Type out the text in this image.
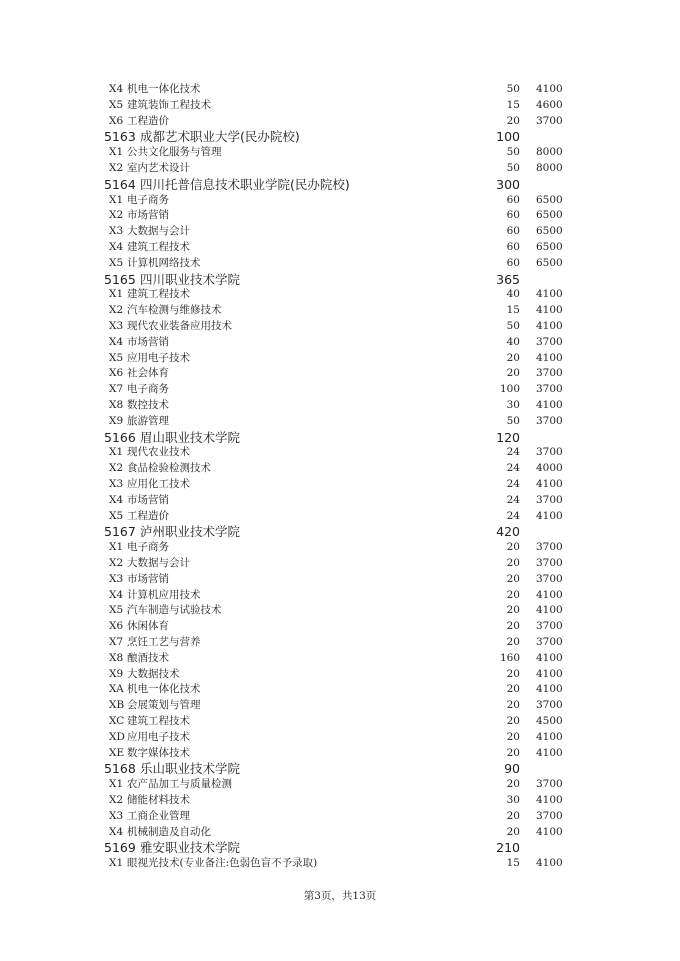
X4 机电一体化技术	50 4100
X5 建筑装饰工程技术	15 4600
X6 工程造价	20 3700
5163 成都艺术职业大学(民办院校)	100
X1 公共文化服务与管理	50 8000
X2 室内艺术设计	50 8000
5164 四川托普信息技术职业学院(民办院校)	300
X1 电子商务	60 6500
X2 市场营销	60 6500
X3 大数据与会计	60 6500
X4 建筑工程技术	60 6500
X5 计算机网络技术	60 6500
5165 四川职业技术学院	365
X1 建筑工程技术	40 4100
X2 汽车检测与维修技术	15 4100
X3 现代农业装备应用技术	50 4100
X4 市场营销	40 3700
X5 应用电子技术	20 4100
X6 社会体育	20 3700
X7 电子商务	100 3700
X8 数控技术	30 4100
X9 旅游管理	50 3700
5166 眉山职业技术学院	120
X1 现代农业技术	24 3700
X2 食品检验检测技术	24 4000
X3 应用化工技术	24 4100
X4 市场营销	24 3700
X5 工程造价	24 4100
5167 泸州职业技术学院	420
X1 电子商务	20 3700
X2 大数据与会计	20 3700
X3 市场营销	20 3700
X4 计算机应用技术	20 4100
X5 汽车制造与试验技术	20 4100
X6 休闲体育	20 3700
X7 烹饪工艺与营养	20 3700
X8 酿酒技术	160 4100
X9 大数据技术	20 4100
XA 机电一体化技术	20 4100
XB 会展策划与管理	20 3700
XC 建筑工程技术	20 4500
XD 应用电子技术	20 4100
XE 数字媒体技术	20 4100
5168 乐山职业技术学院	90
X1 农产品加工与质量检测	20 3700
X2 储能材料技术	30 4100
X3 工商企业管理	20 3700
X4 机械制造及自动化	20 4100
5169 雅安职业技术学院	210
X1 眼视光技术(专业备注:色弱色盲不予录取)	15 4100
第3页，共13页
